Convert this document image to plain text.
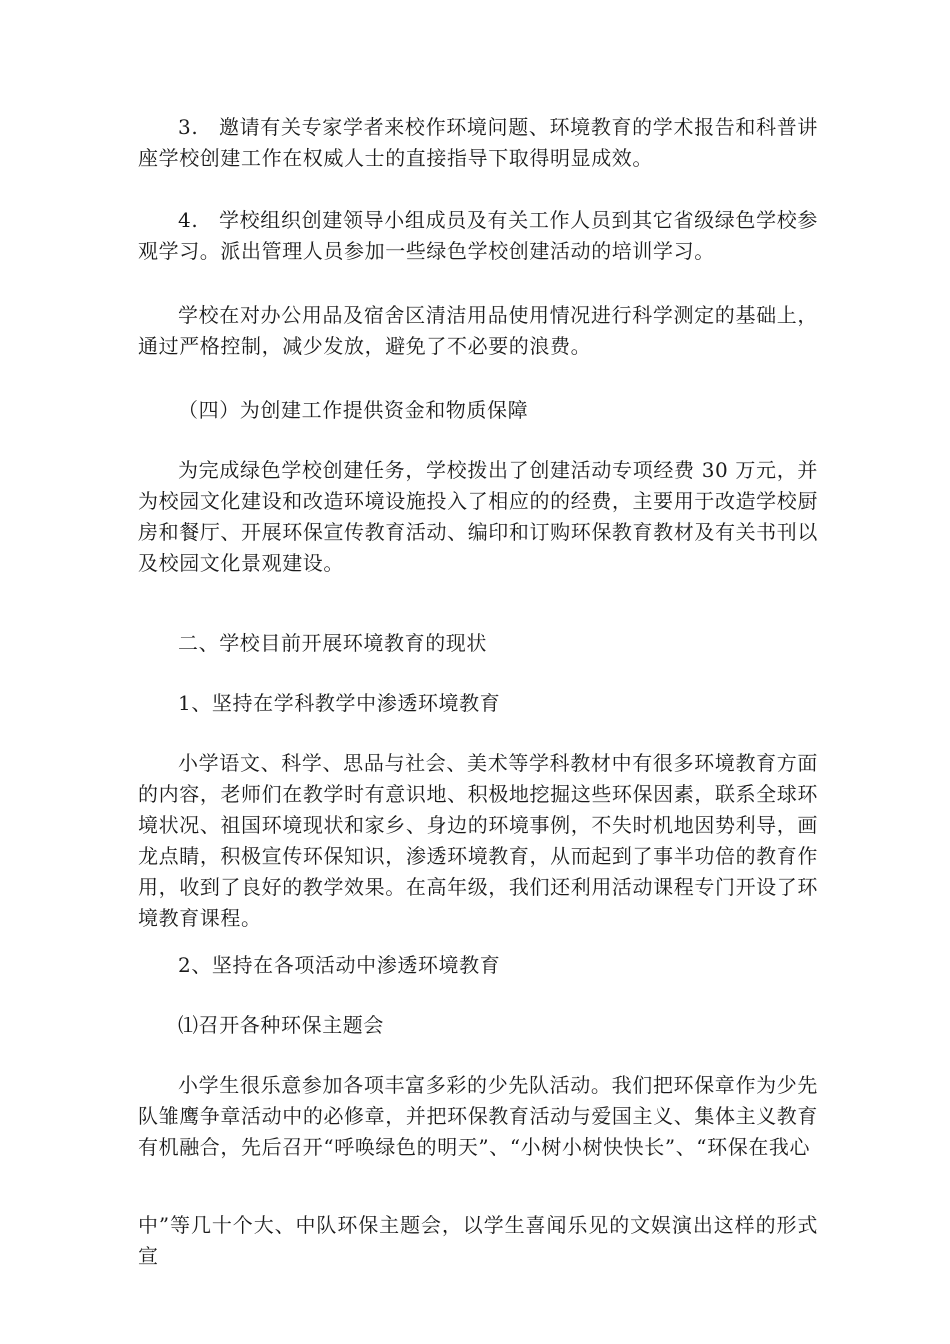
3.　邀请有关专家学者来校作环境问题、环境教育的学术报告和科普讲座学校创建工作在权威人士的直接指导下取得明显成效。

4.　学校组织创建领导小组成员及有关工作人员到其它省级绿色学校参观学习。派出管理人员参加一些绿色学校创建活动的培训学习。

学校在对办公用品及宿舍区清洁用品使用情况进行科学测定的基础上，通过严格控制，减少发放，避免了不必要的浪费。

（四）为创建工作提供资金和物质保障

为完成绿色学校创建任务，学校拨出了创建活动专项经费 30 万元，并为校园文化建设和改造环境设施投入了相应的的经费，主要用于改造学校厨房和餐厅、开展环保宣传教育活动、编印和订购环保教育教材及有关书刊以及校园文化景观建设。

二、学校目前开展环境教育的现状

1、坚持在学科教学中渗透环境教育

小学语文、科学、思品与社会、美术等学科教材中有很多环境教育方面的内容，老师们在教学时有意识地、积极地挖掘这些环保因素，联系全球环境状况、祖国环境现状和家乡、身边的环境事例，不失时机地因势利导，画龙点睛，积极宣传环保知识，渗透环境教育，从而起到了事半功倍的教育作用，收到了良好的教学效果。在高年级，我们还利用活动课程专门开设了环境教育课程。

2、坚持在各项活动中渗透环境教育

⑴召开各种环保主题会

小学生很乐意参加各项丰富多彩的少先队活动。我们把环保章作为少先队雏鹰争章活动中的必修章，并把环保教育活动与爱国主义、集体主义教育有机融合，先后召开“呼唤绿色的明天”、“小树小树快快长”、“环保在我心

中”等几十个大、中队环保主题会，以学生喜闻乐见的文娱演出这样的形式宣
